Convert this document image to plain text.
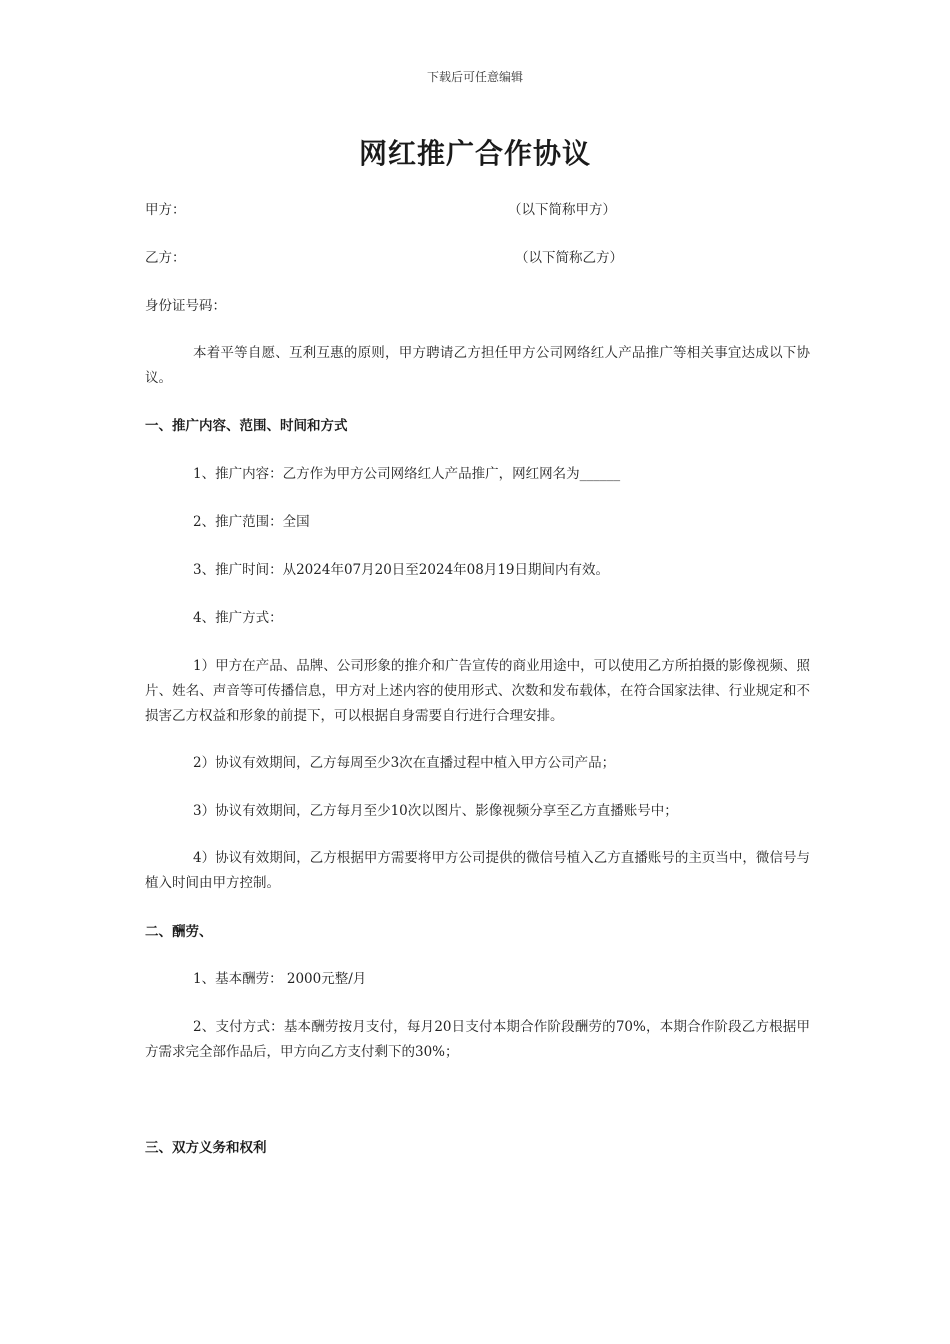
下载后可任意编辑
网红推广合作协议
甲方：	（以下简称甲方）
乙方：	（以下简称乙方）
身份证号码：
本着平等自愿、互利互惠的原则，甲方聘请乙方担任甲方公司网络红人产品推广等相关事宜达成以下协议。
一、推广内容、范围、时间和方式
1、推广内容：乙方作为甲方公司网络红人产品推广，网红网名为______
2、推广范围：全国
3、推广时间：从2024年07月20日至2024年08月19日期间内有效。
4、推广方式：
1）甲方在产品、品牌、公司形象的推介和广告宣传的商业用途中，可以使用乙方所拍摄的影像视频、照片、姓名、声音等可传播信息，甲方对上述内容的使用形式、次数和发布载体，在符合国家法律、行业规定和不损害乙方权益和形象的前提下，可以根据自身需要自行进行合理安排。
2）协议有效期间，乙方每周至少3次在直播过程中植入甲方公司产品；
3）协议有效期间，乙方每月至少10次以图片、影像视频分享至乙方直播账号中；
4）协议有效期间，乙方根据甲方需要将甲方公司提供的微信号植入乙方直播账号的主页当中，微信号与植入时间由甲方控制。
二、酬劳、
1、基本酬劳： 2000元整/月
2、支付方式：基本酬劳按月支付，每月20日支付本期合作阶段酬劳的70%，本期合作阶段乙方根据甲方需求完全部作品后，甲方向乙方支付剩下的30%；
三、双方义务和权利
